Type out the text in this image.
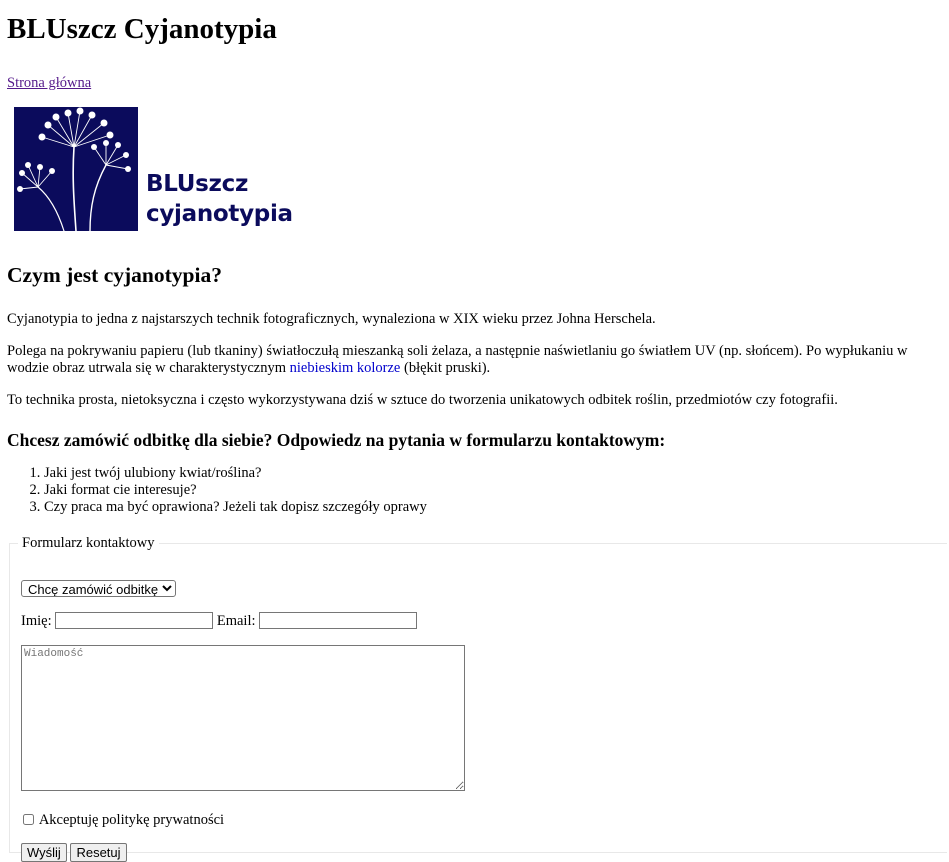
BLUszcz Cyjanotypia
Strona główna
BLUszcz
cyjanotypia
Czym jest cyjanotypia?

Cyjanotypia to jedna z najstarszych technik fotograficznych, wynaleziona w XIX wieku przez Johna Herschela.

Polega na pokrywaniu papieru (lub tkaniny) światłoczułą mieszanką soli żelaza, a następnie naświetlaniu go światłem UV (np. słońcem). Po wypłukaniu w wodzie obraz utrwala się w charakterystycznym niebieskim kolorze (błękit pruski).

To technika prosta, nietoksyczna i często wykorzystywana dziś w sztuce do tworzenia unikatowych odbitek roślin, przedmiotów czy fotografii.

Chcesz zamówić odbitkę dla siebie? Odpowiedz na pytania w formularzu kontaktowym:
1. Jaki jest twój ulubiony kwiat/roślina?
2. Jaki format cie interesuje?
3. Czy praca ma być oprawiona? Jeżeli tak dopisz szczegóły oprawy
Formularz kontaktowy
Chcę zamówić odbitkę
Imię:	Email:
Wiadomość
Akceptuję politykę prywatności
Wyślij Resetuj
